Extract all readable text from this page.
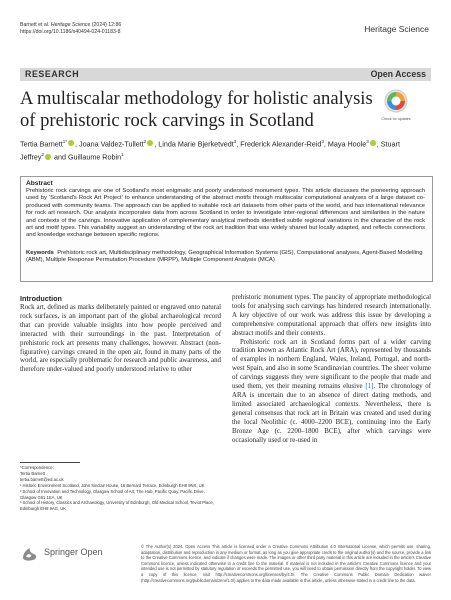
Barnett et al. Heritage Science (2024) 12:86
https://doi.org/10.1186/s40494-024-01183-8	Heritage Science
RESEARCH	Open Access
A multiscalar methodology for holistic analysis of prehistoric rock carvings in Scotland	Check for updates
Tertia Barnett$^{1*}$ , Joana Valdez-Tullett$^2$ , Linda Marie Bjerketvedt$^3$, Frederick Alexander-Reid$^3$, Maya Hoole$^3$ , Stuart Jeffrey$^2$ and Guillaume Robin$^1$
Abstract
Prehistoric rock carvings are one of Scotland's most enigmatic and poorly understood monument types. This article discusses the pioneering approach used by 'Scotland's Rock Art Project' to enhance understanding of the abstract motifs through multiscalar computational analyses of a large dataset co-produced with community teams. The approach can be applied to suitable rock art datasets from other parts of the world, and has international relevance for rock art research. Our analysis incorporates data from across Scotland in order to investigate inter-regional differences and similarities in the nature and contexts of the carvings. Innovative application of complementary analytical methods identified subtle regional variations in the character of the rock art and motif types. This variability suggest an understanding of the rock art tradition that was widely shared but locally adapted, and reflects connections and knowledge exchange between specific regions.
Keywords Prehistoric rock art, Multidisciplinary methodology, Geographical Information Systems (GIS), Computational analyses, Agent-Based Modelling (ABM), Multiple Response Permutation Procedure (MRPP), Multiple Component Analysis (MCA)
Introduction

Rock art, defined as marks deliberately painted or engraved onto natural rock surfaces, is an important part of the global archaeological record that can provide valuable insights into how people perceived and interacted with their surroundings in the past. Interpretation of prehistoric rock art presents many challenges, however. Abstract (non-figurative) carvings created in the open air, found in many parts of the world, are especially problematic for research and public awareness, and therefore under-valued and poorly understood relative to other

prehistoric monument types. The paucity of appropriate methodological tools for analysing such carvings has hindered research internationally. A key objective of our work was address this issue by developing a comprehensive computational approach that offers new insights into abstract motifs and their contexts.

Prehistoric rock art in Scotland forms part of a wider carving tradition known as Atlantic Rock Art (ARA), represented by thousands of examples in northern England, Wales, Ireland, Portugal, and north-west Spain, and also in some Scandinavian countries. The sheer volume of carvings suggests they were significant to the people that made and used them, yet their meaning remains elusive [1]. The chronology of ARA is uncertain due to an absence of direct dating methods, and limited associated archaeological contexts. Nevertheless, there is general consensus that rock art in Britain was created and used during the local Neolithic (c. 4000–2200 BCE), continuing into the Early Bronze Age (c. 2200–1800 BCE), after which carvings were occasionally used or re-used in

*Correspondence:
Tertia Barnett
tertia.barnett@ed.ac.uk
¹ Historic Environment Scotland, John Sinclair House, 16 Bernard Terrace, Edinburgh EH8 9NX, UK
² School of Innovation and Technology, Glasgow School of Art, The Hub, Pacific Quay, Pacific Drive, Glasgow G51 1EA, UK
³ School of History, Classics and Archaeology, University of Edinburgh, Old Medical School, Teviot Place, Edinburgh EH8 9AG, UK
Springer Open
© The Author(s) 2024. Open Access This article is licensed under a Creative Commons Attribution 4.0 International License, which permits use, sharing, adaptation, distribution and reproduction in any medium or format, as long as you give appropriate credit to the original author(s) and the source, provide a link to the Creative Commons licence, and indicate if changes were made. The images or other third party material in this article are included in the article's Creative Commons licence, unless indicated otherwise in a credit line to the material. If material is not included in the article's Creative Commons licence and your intended use is not permitted by statutory regulation or exceeds the permitted use, you will need to obtain permission directly from the copyright holder. To view a copy of this licence, visit http://creativecommons.org/licenses/by/4.0/. The Creative Commons Public Domain Dedication waiver (http://creativecommons.org/publicdomain/zero/1.0/) applies to the data made available in this article, unless otherwise stated in a credit line to the data.
